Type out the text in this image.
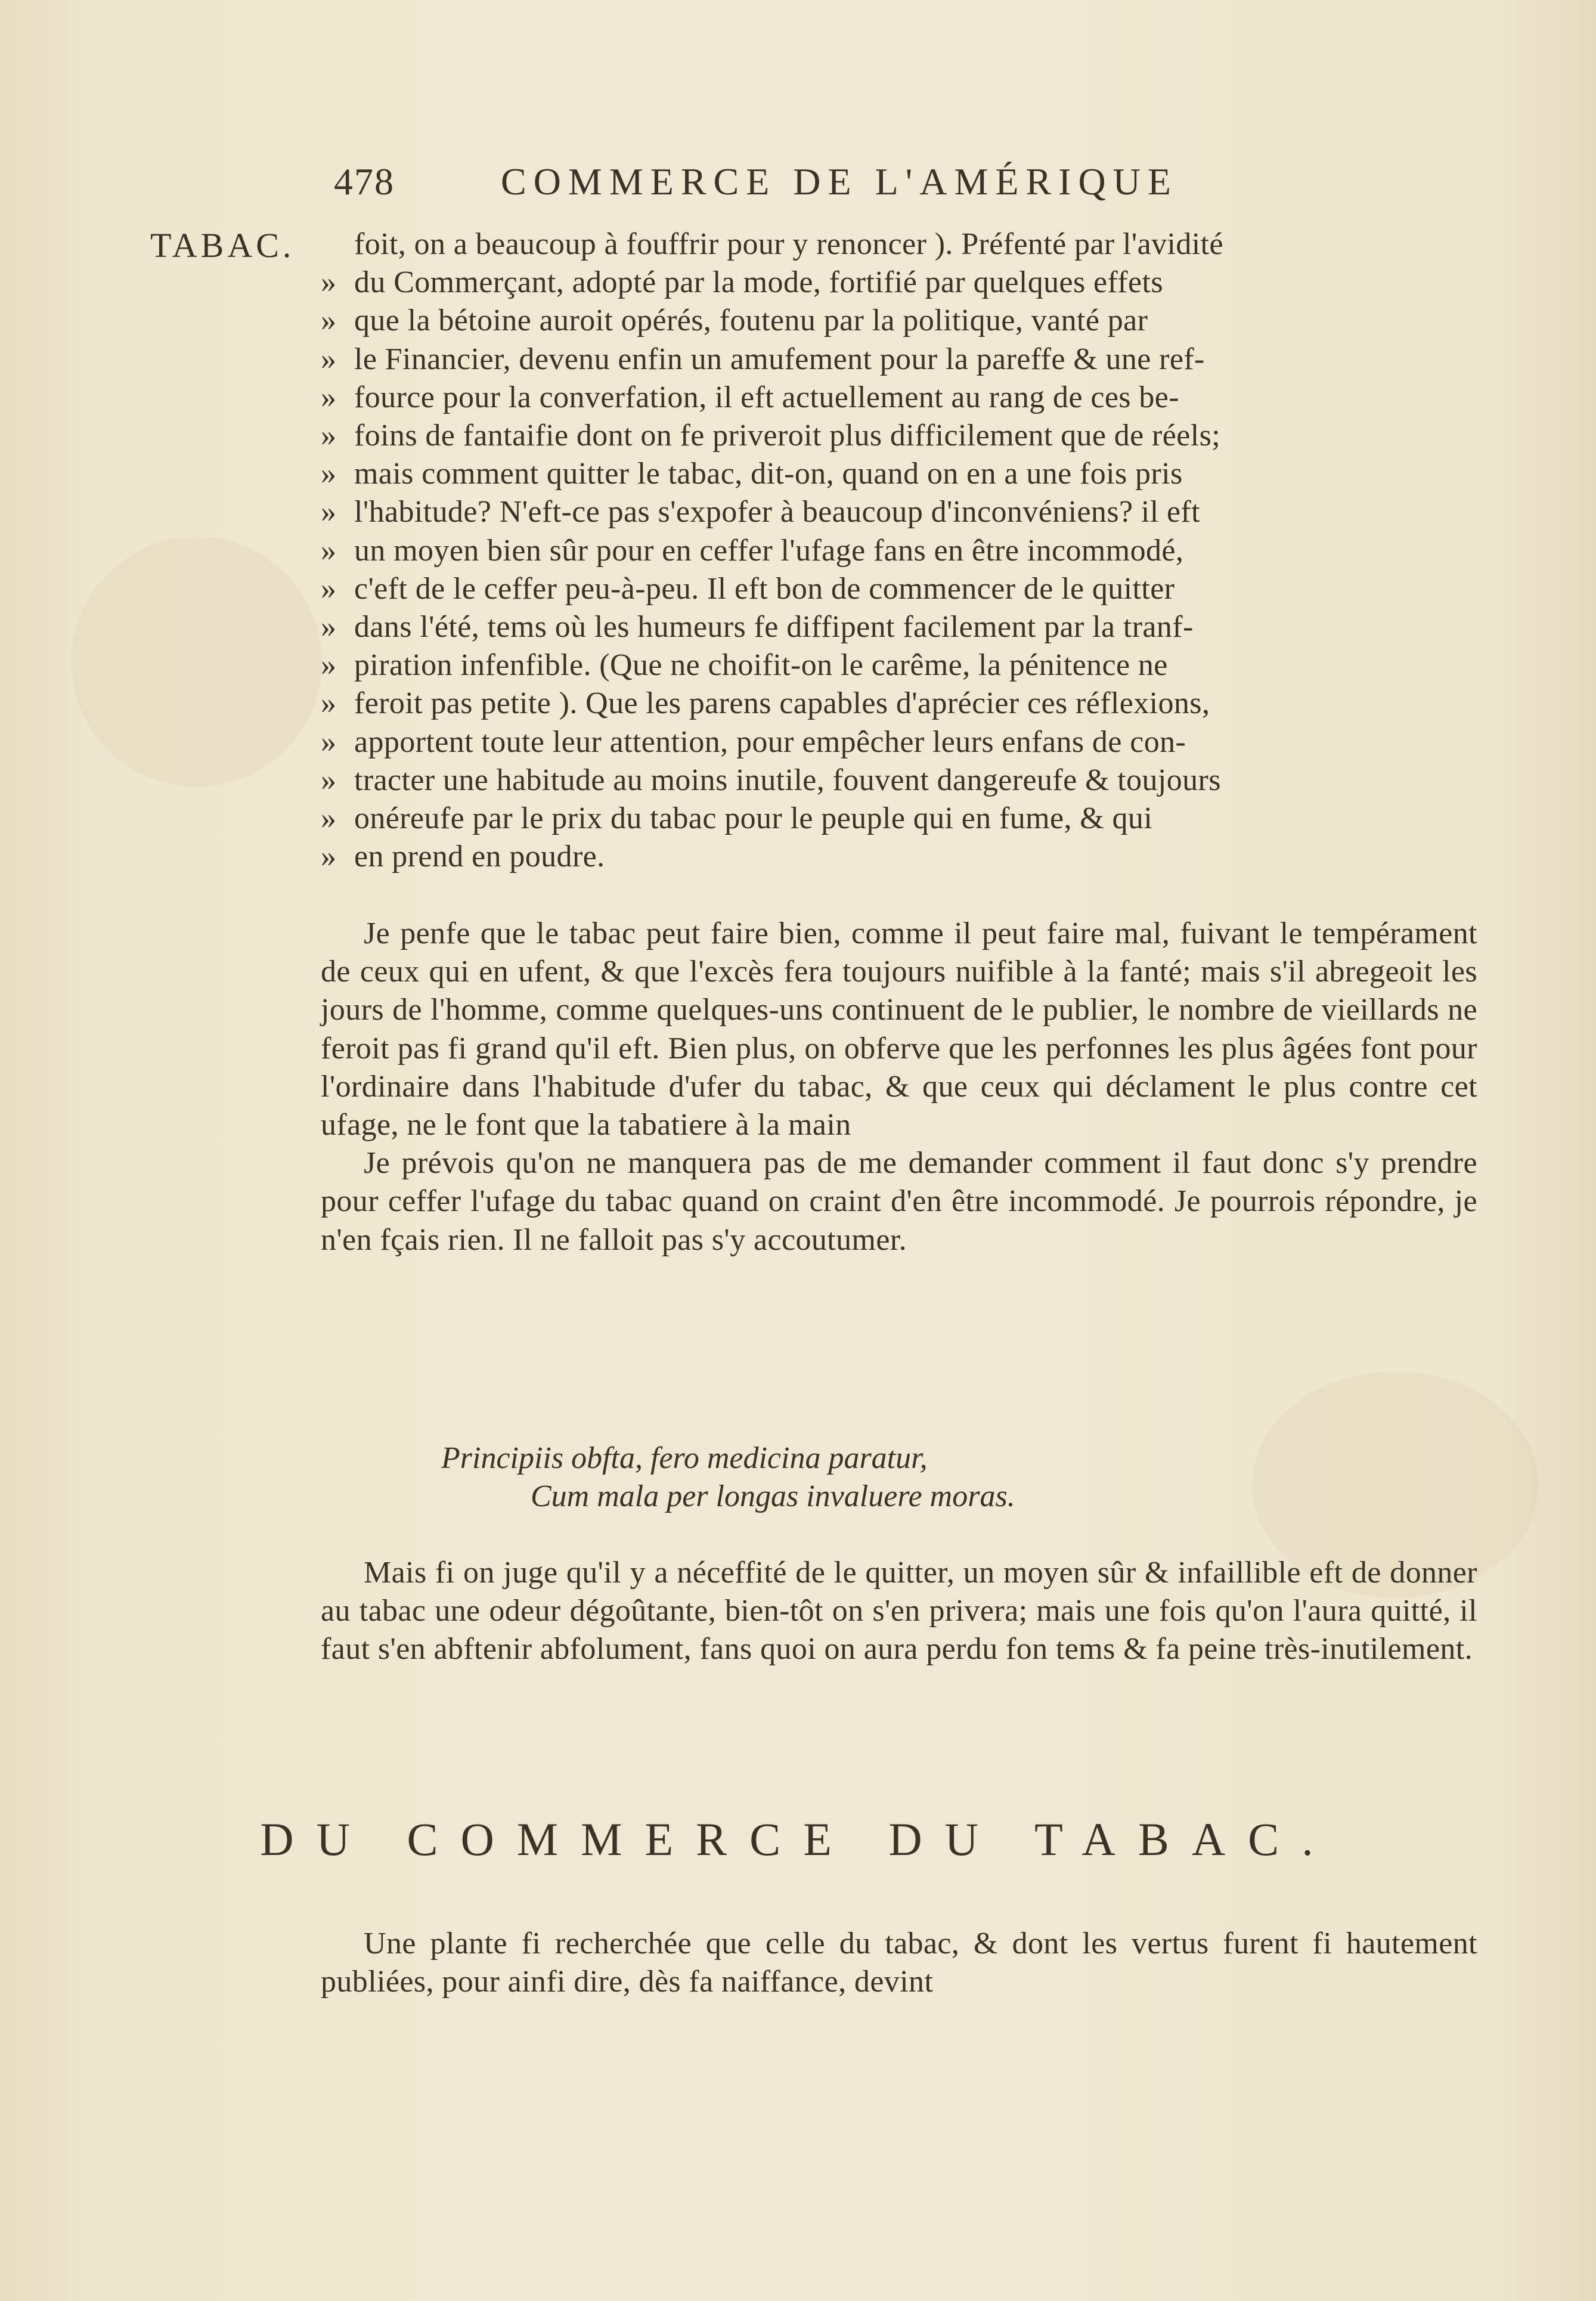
478	COMMERCE DE L'AMÉRIQUE
TABAC.	foit, on a beaucoup à fouffrir pour y renoncer ). Préfenté par l'avidité
» du Commerçant, adopté par la mode, fortifié par quelques effets
» que la bétoine auroit opérés, foutenu par la politique, vanté par
» le Financier, devenu enfin un amufement pour la pareffe & une ref-
» fource pour la converfation, il eft actuellement au rang de ces be-
» foins de fantaifie dont on fe priveroit plus difficilement que de réels;
» mais comment quitter le tabac, dit-on, quand on en a une fois pris
» l'habitude? N'eft-ce pas s'expofer à beaucoup d'inconvéniens? il eft
» un moyen bien sûr pour en ceffer l'ufage fans en être incommodé,
» c'eft de le ceffer peu-à-peu. Il eft bon de commencer de le quitter
» dans l'été, tems où les humeurs fe diffipent facilement par la tranf-
» piration infenfible. (Que ne choifit-on le carême, la pénitence ne
» feroit pas petite ). Que les parens capables d'aprécier ces réflexions,
» apportent toute leur attention, pour empêcher leurs enfans de con-
» tracter une habitude au moins inutile, fouvent dangereufe & toujours
» onéreufe par le prix du tabac pour le peuple qui en fume, & qui
» en prend en poudre.

Je penfe que le tabac peut faire bien, comme il peut faire mal, fuivant le tempérament de ceux qui en ufent, & que l'excès fera toujours nuifible à la fanté; mais s'il abregeoit les jours de l'homme, comme quelques-uns continuent de le publier, le nombre de vieillards ne feroit pas fi grand qu'il eft. Bien plus, on obferve que les perfonnes les plus âgées font pour l'ordinaire dans l'habitude d'ufer du tabac, & que ceux qui déclament le plus contre cet ufage, ne le font que la tabatiere à la main

Je prévois qu'on ne manquera pas de me demander comment il faut donc s'y prendre pour ceffer l'ufage du tabac quand on craint d'en être incommodé. Je pourrois répondre, je n'en fçais rien. Il ne falloit pas s'y accoutumer.

Principiis obfta, fero medicina paratur,
Cum mala per longas invaluere moras.

Mais fi on juge qu'il y a néceffité de le quitter, un moyen sûr & infaillible eft de donner au tabac une odeur dégoûtante, bien-tôt on s'en privera; mais une fois qu'on l'aura quitté, il faut s'en abftenir abfolument, fans quoi on aura perdu fon tems & fa peine très-inutilement.

DU COMMERCE DU TABAC.

Une plante fi recherchée que celle du tabac, & dont les vertus furent fi hautement publiées, pour ainfi dire, dès fa naiffance, devint
